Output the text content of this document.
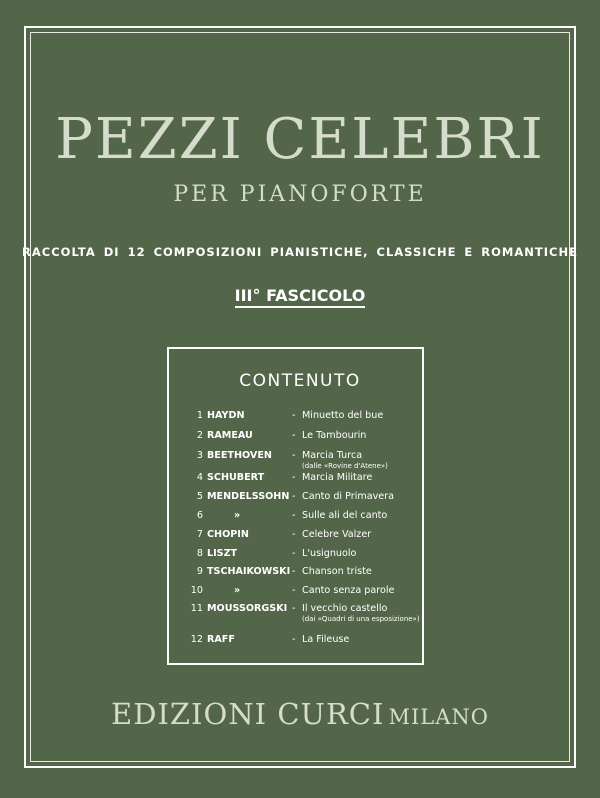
PEZZI CELEBRI
PER PIANOFORTE
RACCOLTA DI 12 COMPOSIZIONI PIANISTICHE, CLASSICHE E ROMANTICHE
III° FASCICOLO
CONTENUTO
1 HAYDN	- Minuetto del bue
2 RAMEAU	- Le Tambourin
3 BEETHOVEN - Marcia Turca
(dalle «Rovine d'Atene»)
4 SCHUBERT	- Marcia Militare
5 MENDELSSOHN - Canto di Primavera
6	»	- Sulle ali del canto
7 CHOPIN	- Celebre Valzer
8 LISZT	- L'usignuolo
9 TSCHAIKOWSKI - Chanson triste
10	»	- Canto senza parole
11 MOUSSORGSKI - Il vecchio castello
(dai «Quadri di una esposizione»)
12 RAFF	- La Fileuse
EDIZIONI CURCI MILANO
